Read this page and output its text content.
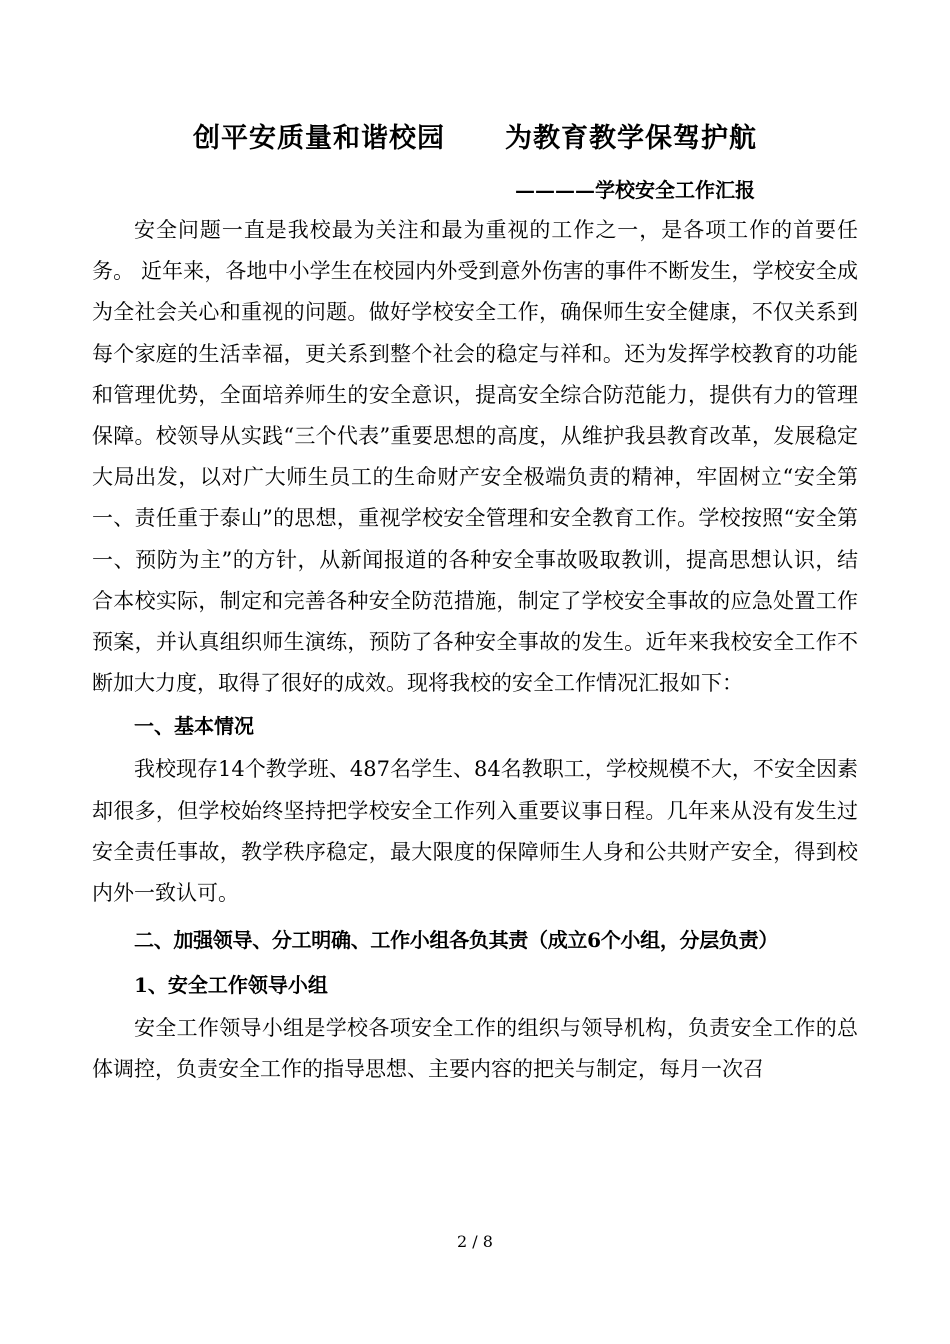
创平安质量和谐校园 为教育教学保驾护航
————学校安全工作汇报

安全问题一直是我校最为关注和最为重视的工作之一，是各项工作的首要任务。 近年来，各地中小学生在校园内外受到意外伤害的事件不断发生，学校安全成为全社会关心和重视的问题。做好学校安全工作，确保师生安全健康，不仅关系到每个家庭的生活幸福，更关系到整个社会的稳定与祥和。还为发挥学校教育的功能和管理优势，全面培养师生的安全意识，提高安全综合防范能力，提供有力的管理保障。校领导从实践“三个代表”重要思想的高度，从维护我县教育改革，发展稳定大局出发，以对广大师生员工的生命财产安全极端负责的精神，牢固树立“安全第一、责任重于泰山”的思想，重视学校安全管理和安全教育工作。学校按照“安全第一、预防为主”的方针，从新闻报道的各种安全事故吸取教训，提高思想认识，结合本校实际，制定和完善各种安全防范措施，制定了学校安全事故的应急处置工作预案，并认真组织师生演练，预防了各种安全事故的发生。近年来我校安全工作不断加大力度，取得了很好的成效。现将我校的安全工作情况汇报如下：

一、基本情况

我校现存14个教学班、487名学生、84名教职工，学校规模不大，不安全因素却很多，但学校始终坚持把学校安全工作列入重要议事日程。几年来从没有发生过安全责任事故，教学秩序稳定，最大限度的保障师生人身和公共财产安全，得到校内外一致认可。

二、加强领导、分工明确、工作小组各负其责（成立6个小组，分层负责）
1、安全工作领导小组

安全工作领导小组是学校各项安全工作的组织与领导机构，负责安全工作的总体调控，负责安全工作的指导思想、主要内容的把关与制定，每月一次召

2 / 8
